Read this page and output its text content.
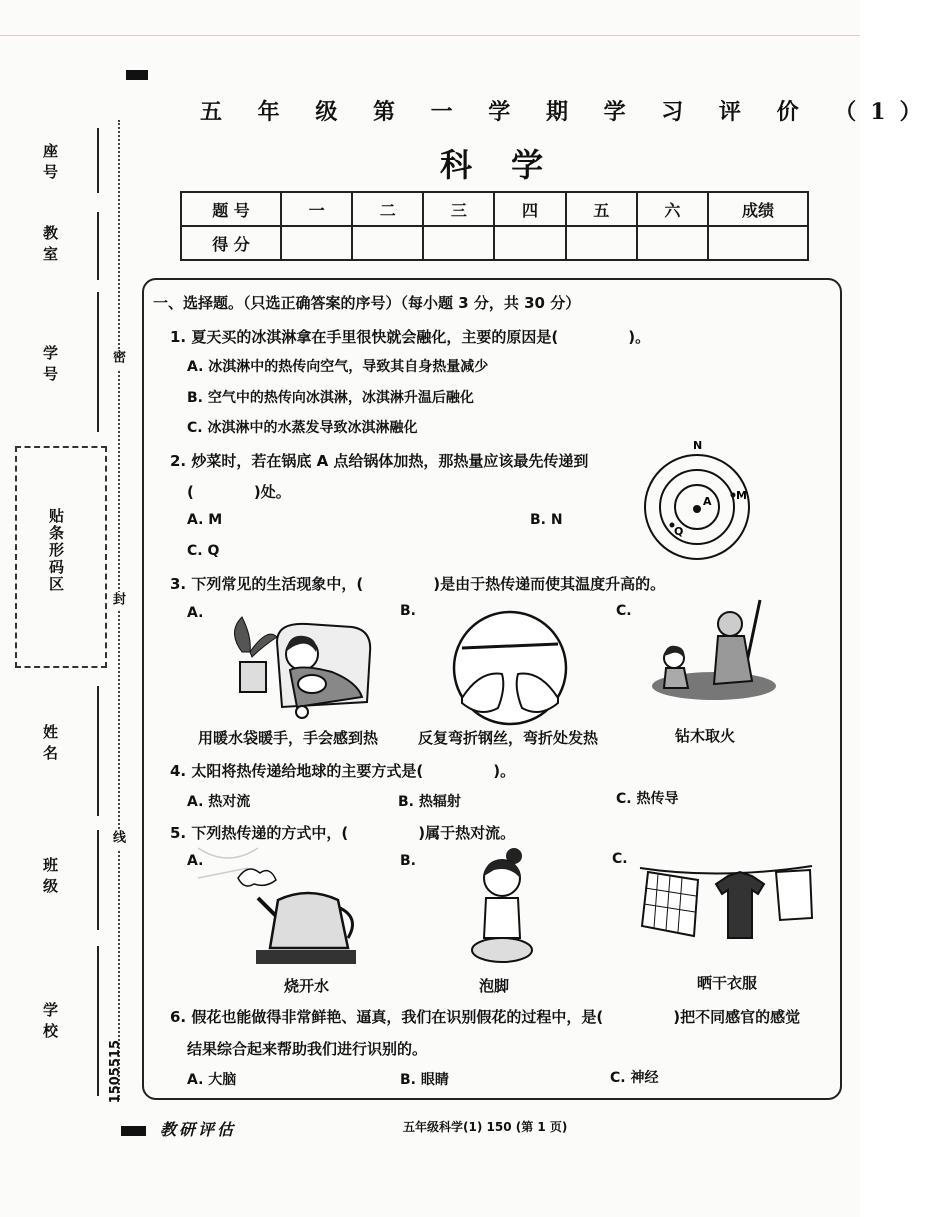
座号
教室
学号
姓名
班级
学校
贴条形码区
密
封
线
1505515
五 年 级 第 一 学 期 学 习 评 价 （1）
科 学
题 号	一	二	三	四	五	六	成绩
得 分							
一、选择题。（只选正确答案的序号）（每小题 3 分，共 30 分）
1. 夏天买的冰淇淋拿在手里很快就会融化，主要的原因是(	)。
A. 冰淇淋中的热传向空气，导致其自身热量减少
B. 空气中的热传向冰淇淋，冰淇淋升温后融化
C. 冰淇淋中的水蒸发导致冰淇淋融化
2. 炒菜时，若在锅底 A 点给锅体加热，那热量应该最先传递到
(	)处。
A. M	B. N
C. Q
N
A M
Q
3. 下列常见的生活现象中，(	)是由于热传递而使其温度升高的。
A.	B.	C.
用暖水袋暖手，手会感到热	反复弯折钢丝，弯折处发热	钻木取火
4. 太阳将热传递给地球的主要方式是(	)。
A. 热对流	B. 热辐射	C. 热传导
5. 下列热传递的方式中，(	)属于热对流。
A.	B.	C.
烧开水	泡脚	晒干衣服
6. 假花也能做得非常鲜艳、逼真，我们在识别假花的过程中，是(	)把不同感官的感觉
结果综合起来帮助我们进行识别的。
A. 大脑	B. 眼睛	C. 神经
教研评估	五年级科学(1) 150 (第 1 页)
